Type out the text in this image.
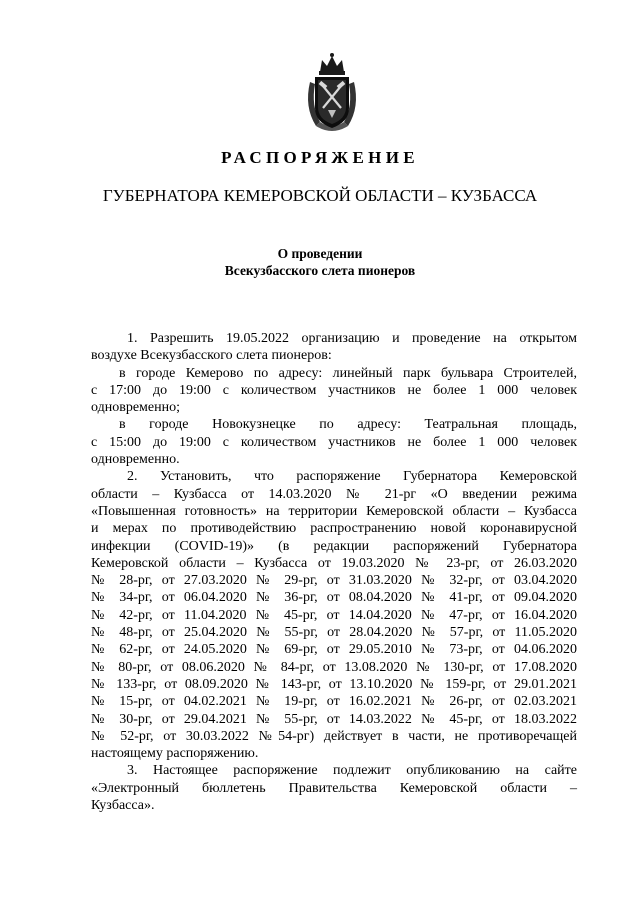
РАСПОРЯЖЕНИЕ
ГУБЕРНАТОРА КЕМЕРОВСКОЙ ОБЛАСТИ – КУЗБАССА
О проведении
Всекузбасского слета пионеров
1. Разрешить 19.05.2022 организацию и проведение на открытом
воздухе Всекузбасского слета пионеров:
в городе Кемерово по адресу: линейный парк бульвара Строителей,
с 17:00 до 19:00 с количеством участников не более 1 000 человек
одновременно;
в городе Новокузнецке по адресу: Театральная площадь,
с 15:00 до 19:00 с количеством участников не более 1 000 человек
одновременно.
2. Установить, что распоряжение Губернатора Кемеровской
области – Кузбасса от 14.03.2020 № 21-рг «О введении режима
«Повышенная готовность» на территории Кемеровской области – Кузбасса
и мерах по противодействию распространению новой коронавирусной
инфекции (COVID-19)» (в редакции распоряжений Губернатора
Кемеровской области – Кузбасса от 19.03.2020 № 23-рг, от 26.03.2020
№ 28-рг, от 27.03.2020 № 29-рг, от 31.03.2020 № 32-рг, от 03.04.2020
№ 34-рг, от 06.04.2020 № 36-рг, от 08.04.2020 № 41-рг, от 09.04.2020
№ 42-рг, от 11.04.2020 № 45-рг, от 14.04.2020 № 47-рг, от 16.04.2020
№ 48-рг, от 25.04.2020 № 55-рг, от 28.04.2020 № 57-рг, от 11.05.2020
№ 62-рг, от 24.05.2020 № 69-рг, от 29.05.2010 № 73-рг, от 04.06.2020
№ 80-рг, от 08.06.2020 № 84-рг, от 13.08.2020 № 130-рг, от 17.08.2020
№ 133-рг, от 08.09.2020 № 143-рг, от 13.10.2020 № 159-рг, от 29.01.2021
№ 15-рг, от 04.02.2021 № 19-рг, от 16.02.2021 № 26-рг, от 02.03.2021
№ 30-рг, от 29.04.2021 № 55-рг, от 14.03.2022 № 45-рг, от 18.03.2022
№ 52-рг, от 30.03.2022 №54-рг) действует в части, не противоречащей
настоящему распоряжению.
3. Настоящее распоряжение подлежит опубликованию на сайте
«Электронный бюллетень Правительства Кемеровской области –
Кузбасса».
